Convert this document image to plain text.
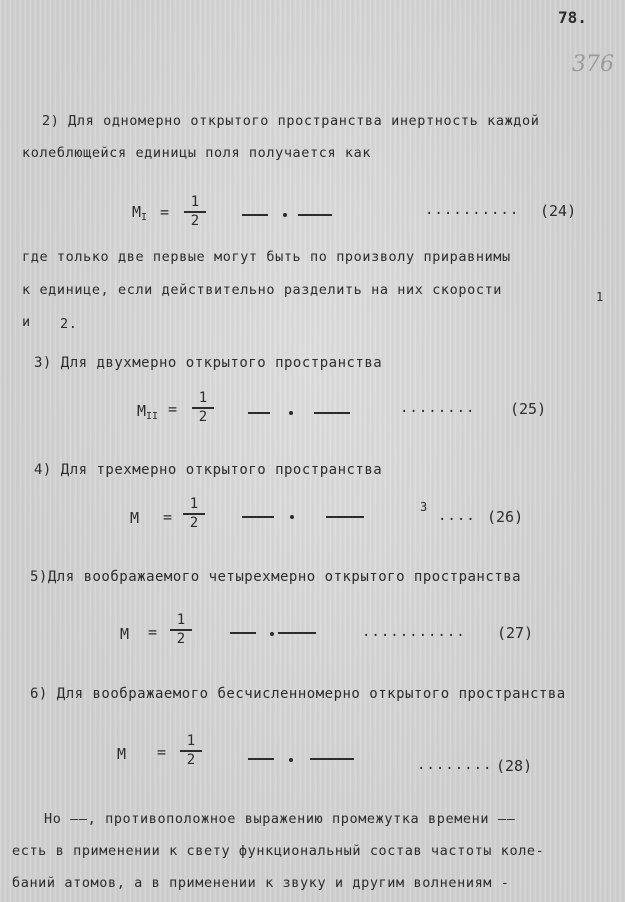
78.
376
2) Для одномерно открытого пространства инертность каждой
колеблющейся единицы поля получается как
$M_I$ =
1
2
.......... (24)
где только две первые могут быть по произволу приравнимы
к единице, если действительно разделить на них скорости	1
и 2.
3) Для двухмерно открытого пространства
$M_{II}$ =
1
2
........ (25)
4) Для трехмерно открытого пространства
M =
1
2
3
.... (26)
5)Для воображаемого четырехмерно открытого пространства
M =
1
2	........... (27)
6) Для воображаемого бесчисленномерно открытого пространства
M =
1
2	........ (28)
Но ——, противоположное выражению промежутка времени ——
есть в применении к свету функциональный состав частоты коле-
баний атомов, а в применении к звуку и другим волнениям -
